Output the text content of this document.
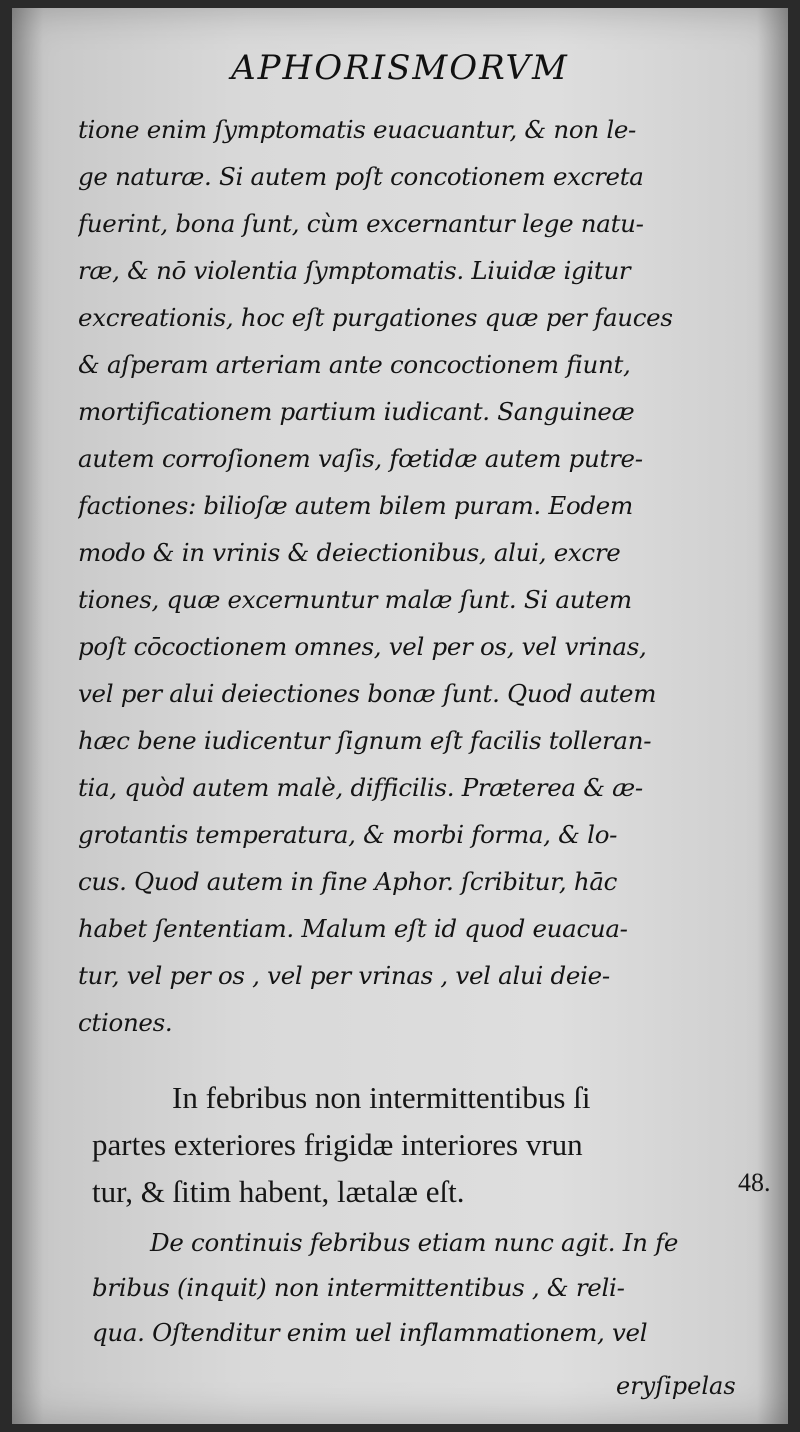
APHORISMORVM
tione enim ſymptomatis euacuantur, & non le-
ge naturæ. Si autem poſt concotionem excreta
fuerint, bona ſunt, cùm excernantur lege natu-
ræ, & nō violentia ſymptomatis. Liuidæ igitur
excreationis, hoc eſt purgationes quæ per fauces
& aſperam arteriam ante concoctionem fiunt,
mortificationem partium iudicant. Sanguineæ
autem corroſionem vaſis, fœtidæ autem putre-
factiones: bilioſæ autem bilem puram. Eodem
modo & in vrinis & deiectionibus, alui, excre
tiones, quæ excernuntur malæ ſunt. Si autem
poſt cōcoctionem omnes, vel per os, vel vrinas,
vel per alui deiectiones bonæ ſunt. Quod autem
hæc bene iudicentur ſignum eſt facilis tolleran-
tia, quòd autem malè, difficilis. Præterea & æ-
grotantis temperatura, & morbi forma, & lo-
cus. Quod autem in fine Aphor. ſcribitur, hāc
habet ſententiam. Malum eſt id quod euacua-
tur, vel per os , vel per vrinas , vel alui deie-
ctiones.
In febribus non intermittentibus ſi
partes exteriores frigidæ interiores vrun
tur, & ſitim habent, lætalæ eſt.	48.
De continuis febribus etiam nunc agit. In fe
bribus (inquit) non intermittentibus , & reli-
qua. Oſtenditur enim uel inflammationem, vel
eryſipelas
